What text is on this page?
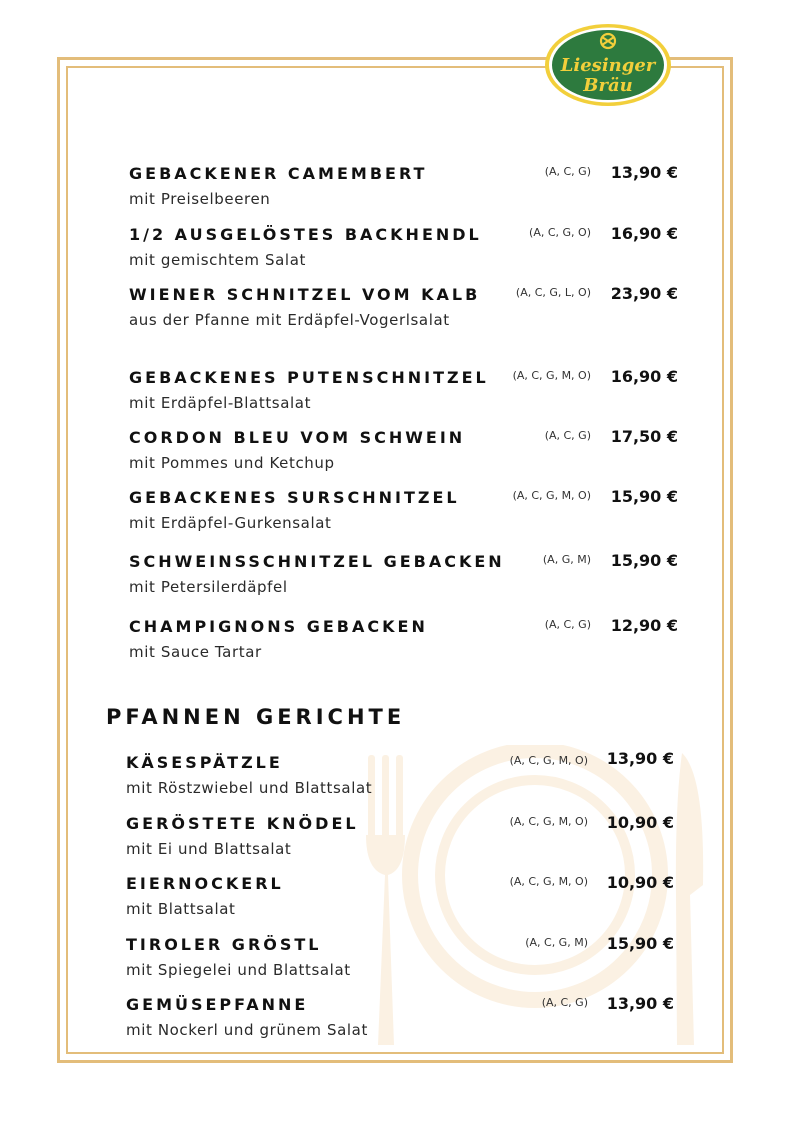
Liesinger
Bräu
GEBACKENER CAMEMBERT
mit Preiselbeeren
(A, C, G) 13,90 €
1/2 AUSGELÖSTES BACKHENDL
mit gemischtem Salat
(A, C, G, O) 16,90 €
WIENER SCHNITZEL VOM KALB
aus der Pfanne mit Erdäpfel-Vogerlsalat
(A, C, G, L, O) 23,90 €
GEBACKENES PUTENSCHNITZEL
mit Erdäpfel-Blattsalat
(A, C, G, M, O) 16,90 €
CORDON BLEU VOM SCHWEIN
mit Pommes und Ketchup
(A, C, G) 17,50 €
GEBACKENES SURSCHNITZEL
mit Erdäpfel-Gurkensalat
(A, C, G, M, O) 15,90 €
SCHWEINSSCHNITZEL GEBACKEN
mit Petersilerdäpfel
(A, G, M) 15,90 €
CHAMPIGNONS GEBACKEN
mit Sauce Tartar
(A, C, G) 12,90 €
PFANNEN GERICHTE
KÄSESPÄTZLE
mit Röstzwiebel und Blattsalat
(A, C, G, M, O) 13,90 €
GERÖSTETE KNÖDEL
mit Ei und Blattsalat
(A, C, G, M, O) 10,90 €
EIERNOCKERL
mit Blattsalat
(A, C, G, M, O) 10,90 €
TIROLER GRÖSTL
mit Spiegelei und Blattsalat
(A, C, G, M) 15,90 €
GEMÜSEPFANNE
mit Nockerl und grünem Salat
(A, C, G) 13,90 €
